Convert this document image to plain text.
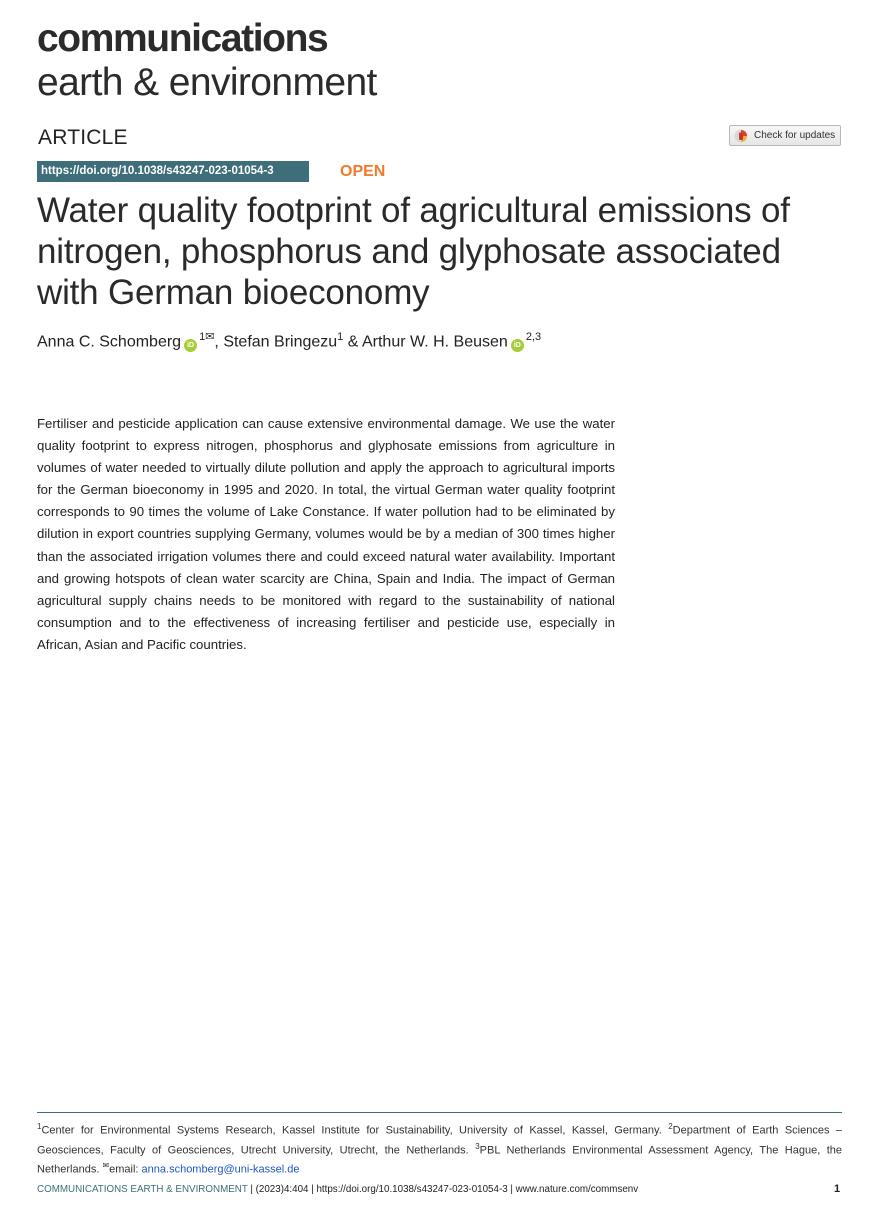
communications
earth & environment
ARTICLE	Check for updates
https://doi.org/10.1038/s43247-023-01054-3	OPEN
Water quality footprint of agricultural emissions of nitrogen, phosphorus and glyphosate associated with German bioeconomy
Anna C. Schomberg $iD^{1✉}$, Stefan Bringezu$^1$ & Arthur W. H. Beusen iD$^{2,3}$

Fertiliser and pesticide application can cause extensive environmental damage. We use the water quality footprint to express nitrogen, phosphorus and glyphosate emissions from agriculture in volumes of water needed to virtually dilute pollution and apply the approach to agricultural imports for the German bioeconomy in 1995 and 2020. In total, the virtual German water quality footprint corresponds to 90 times the volume of Lake Constance. If water pollution had to be eliminated by dilution in export countries supplying Germany, volumes would be by a median of 300 times higher than the associated irrigation volumes there and could exceed natural water availability. Important and growing hotspots of clean water scarcity are China, Spain and India. The impact of German agricultural supply chains needs to be monitored with regard to the sustainability of national consumption and to the effectiveness of increasing fertiliser and pesticide use, especially in African, Asian and Pacific countries.

$^1$Center for Environmental Systems Research, Kassel Institute for Sustainability, University of Kassel, Kassel, Germany. $^2$Department of Earth Sciences – Geosciences, Faculty of Geosciences, Utrecht University, Utrecht, the Netherlands. $^3$PBL Netherlands Environmental Assessment Agency, The Hague, the Netherlands. ✉email: anna.schomberg@uni-kassel.de

COMMUNICATIONS EARTH & ENVIRONMENT | (2023)4:404 | https://doi.org/10.1038/s43247-023-01054-3 | www.nature.com/commsenv	1
